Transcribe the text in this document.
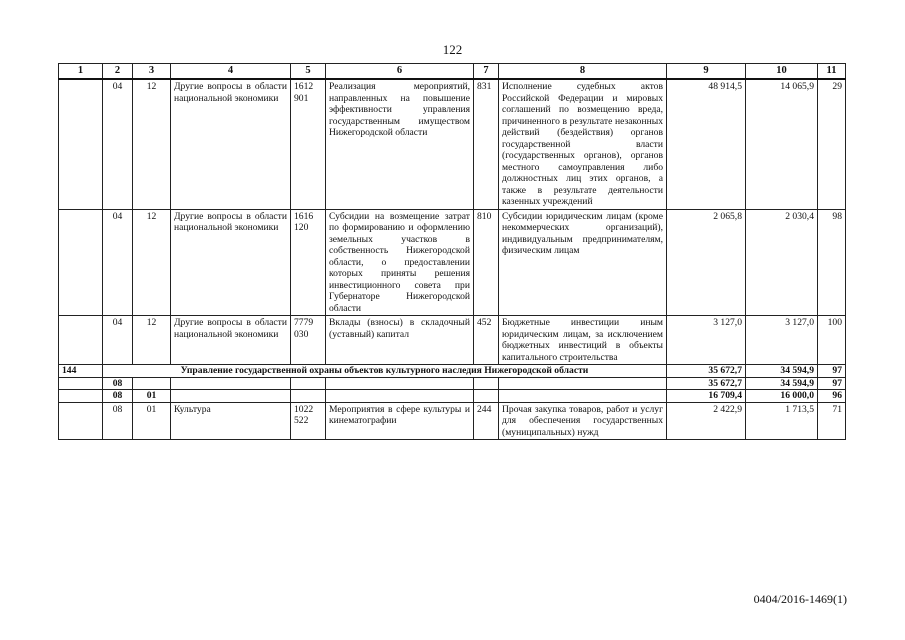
122
1	2	3	4	5	6	7	8	9	10	11
	04	12	Другие вопросы в области национальной экономики	1612 901	Реализация мероприятий, направленных на повышение эффективности управления государственным имуществом Нижегородской области	831	Исполнение судебных актов Российской Федерации и мировых соглашений по возмещению вреда, причиненного в результате незаконных действий (бездействия) органов государственной власти (государственных органов), органов местного самоуправления либо должностных лиц этих органов, а также в результате деятельности казенных учреждений	48 914,5	14 065,9	29
	04	12	Другие вопросы в области национальной экономики	1616 120	Субсидии на возмещение затрат по формированию и оформлению земельных участков в собственность Нижегородской области, о предоставлении которых приняты решения инвестиционного совета при Губернаторе Нижегородской области	810	Субсидии юридическим лицам (кроме некоммерческих организаций), индивидуальным предпринимателям, физическим лицам	2 065,8	2 030,4	98
	04	12	Другие вопросы в области национальной экономики	7779 030	Вклады (взносы) в складочный (уставный) капитал	452	Бюджетные инвестиции иным юридическим лицам, за исключением бюджетных инвестиций в объекты капитального строительства	3 127,0	3 127,0	100
144	Управление государственной охраны объектов культурного наследия Нижегородской области							35 672,7	34 594,9	97
	08							35 672,7	34 594,9	97
	08	01						16 709,4	16 000,0	96
	08	01	Культура	1022 522	Мероприятия в сфере культуры и кинематографии	244	Прочая закупка товаров, работ и услуг для обеспечения государственных (муниципальных) нужд	2 422,9	1 713,5	71
0404/2016-1469(1)
